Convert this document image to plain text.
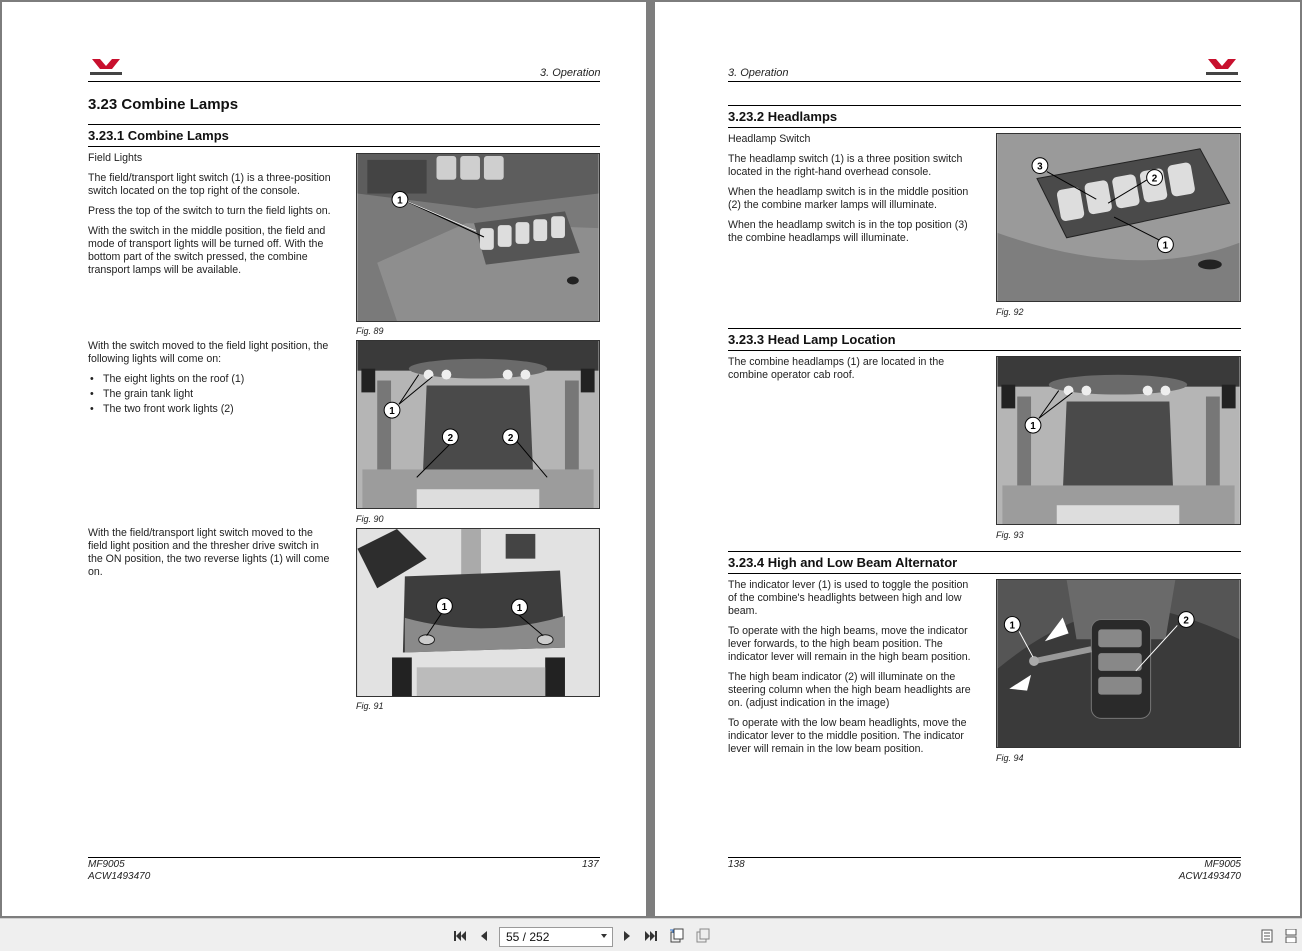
3. Operation
3.23 Combine Lamps
3.23.1 Combine Lamps

Field Lights

The field/transport light switch (1) is a three-position switch located on the top right of the console.

Press the top of the switch to turn the field lights on.

With the switch in the middle position, the field and mode of transport lights will be turned off. With the bottom part of the switch pressed, the combine transport lamps will be available.

1
Fig. 89

With the switch moved to the field light position, the following lights will come on:

• The eight lights on the roof (1)
• The grain tank light
• The two front work lights (2)	1
2	2
Fig. 90

With the field/transport light switch moved to the field light position and the thresher drive switch in the ON position, the two reverse lights (1) will come on.

1	1
Fig. 91
MF9005
ACW1493470
137
3. Operation
3.23.2 Headlamps

Headlamp Switch

The headlamp switch (1) is a three position switch located in the right-hand overhead console.

When the headlamp switch is in the middle position (2) the combine marker lamps will illuminate.

When the headlamp switch is in the top position (3) the combine headlamps will illuminate.

3
2
1
Fig. 92
3.23.3 Head Lamp Location

The combine headlamps (1) are located in the combine operator cab roof.

1
Fig. 93
3.23.4 High and Low Beam Alternator

The indicator lever (1) is used to toggle the position of the combine's headlights between high and low beam.

To operate with the high beams, move the indicator lever forwards, to the high beam position. The indicator lever will remain in the high beam position.

The high beam indicator (2) will illuminate on the steering column when the high beam headlights are on. (adjust indication in the image)

To operate with the low beam headlights, move the indicator lever to the middle position. The indicator lever will remain in the low beam position.

1	2
Fig. 94
138	MF9005
ACW1493470
55 / 252
